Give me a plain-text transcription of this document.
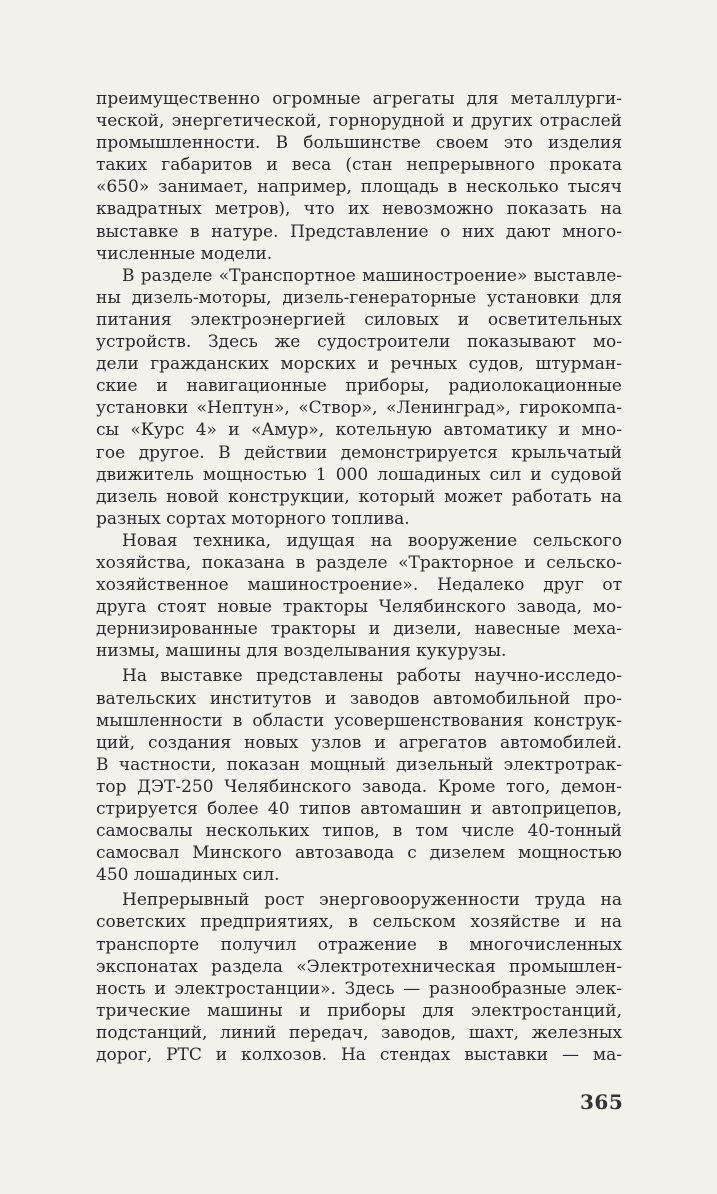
преимущественно огромные агрегаты для металлурги-
ческой, энергетической, горнорудной и других отраслей
промышленности. В большинстве своем это изделия
таких габаритов и веса (стан непрерывного проката
«650» занимает, например, площадь в несколько тысяч
квадратных метров), что их невозможно показать на
выставке в натуре. Представление о них дают много-
численные модели.
В разделе «Транспортное машиностроение» выставле-
ны дизель-моторы, дизель-генераторные установки для
питания электроэнергией силовых и осветительных
устройств. Здесь же судостроители показывают мо-
дели гражданских морских и речных судов, штурман-
ские и навигационные приборы, радиолокационные
установки «Нептун», «Створ», «Ленинград», гирокомпа-
сы «Курс 4» и «Амур», котельную автоматику и мно-
гое другое. В действии демонстрируется крыльчатый
движитель мощностью 1 000 лошадиных сил и судовой
дизель новой конструкции, который может работать на
разных сортах моторного топлива.
Новая техника, идущая на вооружение сельского
хозяйства, показана в разделе «Тракторное и сельско-
хозяйственное машиностроение». Недалеко друг от
друга стоят новые тракторы Челябинского завода, мо-
дернизированные тракторы и дизели, навесные меха-
низмы, машины для возделывания кукурузы.
На выставке представлены работы научно-исследо-
вательских институтов и заводов автомобильной про-
мышленности в области усовершенствования конструк-
ций, создания новых узлов и агрегатов автомобилей.
В частности, показан мощный дизельный электротрак-
тор ДЭТ-250 Челябинского завода. Кроме того, демон-
стрируется более 40 типов автомашин и автоприцепов,
самосвалы нескольких типов, в том числе 40-тонный
самосвал Минского автозавода с дизелем мощностью
450 лошадиных сил.
Непрерывный рост энерговооруженности труда на
советских предприятиях, в сельском хозяйстве и на
транспорте получил отражение в многочисленных
экспонатах раздела «Электротехническая промышлен-
ность и электростанции». Здесь — разнообразные элек-
трические машины и приборы для электростанций,
подстанций, линий передач, заводов, шахт, железных
дорог, РТС и колхозов. На стендах выставки — ма-
365
